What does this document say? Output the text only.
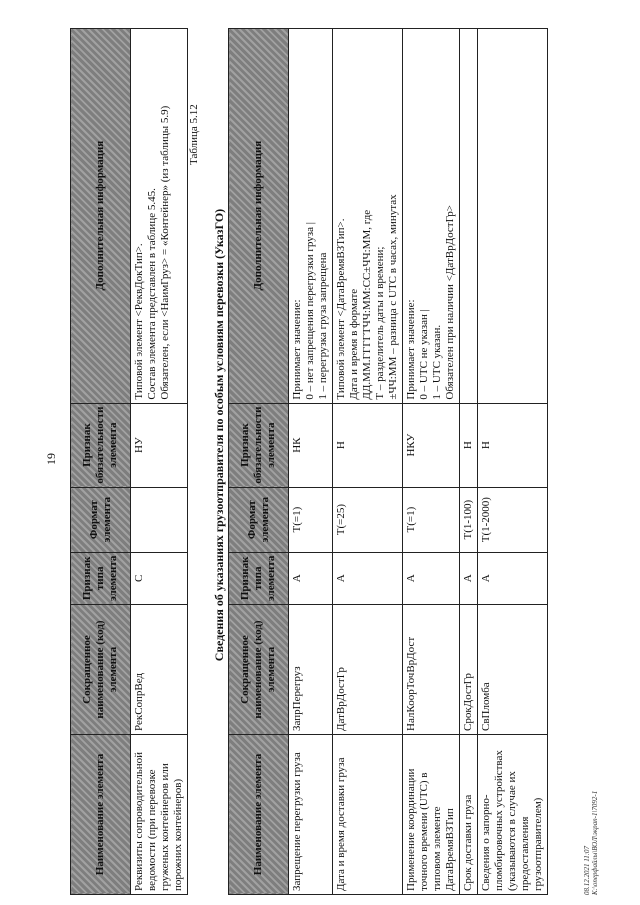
19
Наименование элемента	Сокращенное наименование (код) элемента	Признак типа элемента	Формат элемента	Признак обязательности элемента	Дополнительная информация
Реквизиты сопроводительной ведомости (при перевозке груженых контейнеров или порожних контейнеров)	РекСопрВед	С		НУ	Типовой элемент <РеквДокТип>. Состав элемента представлен в таблице 5.45. Обязателен, если <НаимГруз> = «Контейнер» (из таблицы 5.9) Таблица 5.12
Сведения об указаниях грузоотправителя по особым условиям перевозки (УказГО)
Наименование элемента	Сокращенное наименование (код) элемента	Признак типа элемента	Формат элемента	Признак обязательности элемента	Дополнительная информация
Запрещение перегрузки груза	ЗапрПерегруз	А	Т(=1)	НК	Принимает значение: 0 – нет запрещения перегрузки груза | 1 – перегрузка груза запрещена

Дата и время доставки груза	ДатВрДостГр	А	Т(=25)	Н	Типовой элемент <ДатаВремяВЗТип>. Дата и время в формате ДД.ММ.ГГГГТЧЧ:ММ:СС±ЧЧ:ММ, где Т – разделитель даты и времени; ±ЧЧ:ММ – разница с UTC в часах, минутах

Применение координации точного времени (UTC) в типовом элементе ДатаВремяВЗТип	НалКоорТочВрДост	А	Т(=1)	НКУ	Принимает значение: 0 – UTC не указан | 1 – UTC указан. Обязателен при наличии <ДатВрДостГр>

Срок доставки груза	СрокДостГр	А	Т(1-100)	Н	
Сведения о запорно-пломбировочных устройствах (указываются в случае их предоставления грузоотправителем)	СвПломба	А	Т(1-2000)	Н	
08.12.2021 11:07 К:\оперфайлы\ВОЛ\экраn-1\7092-1
